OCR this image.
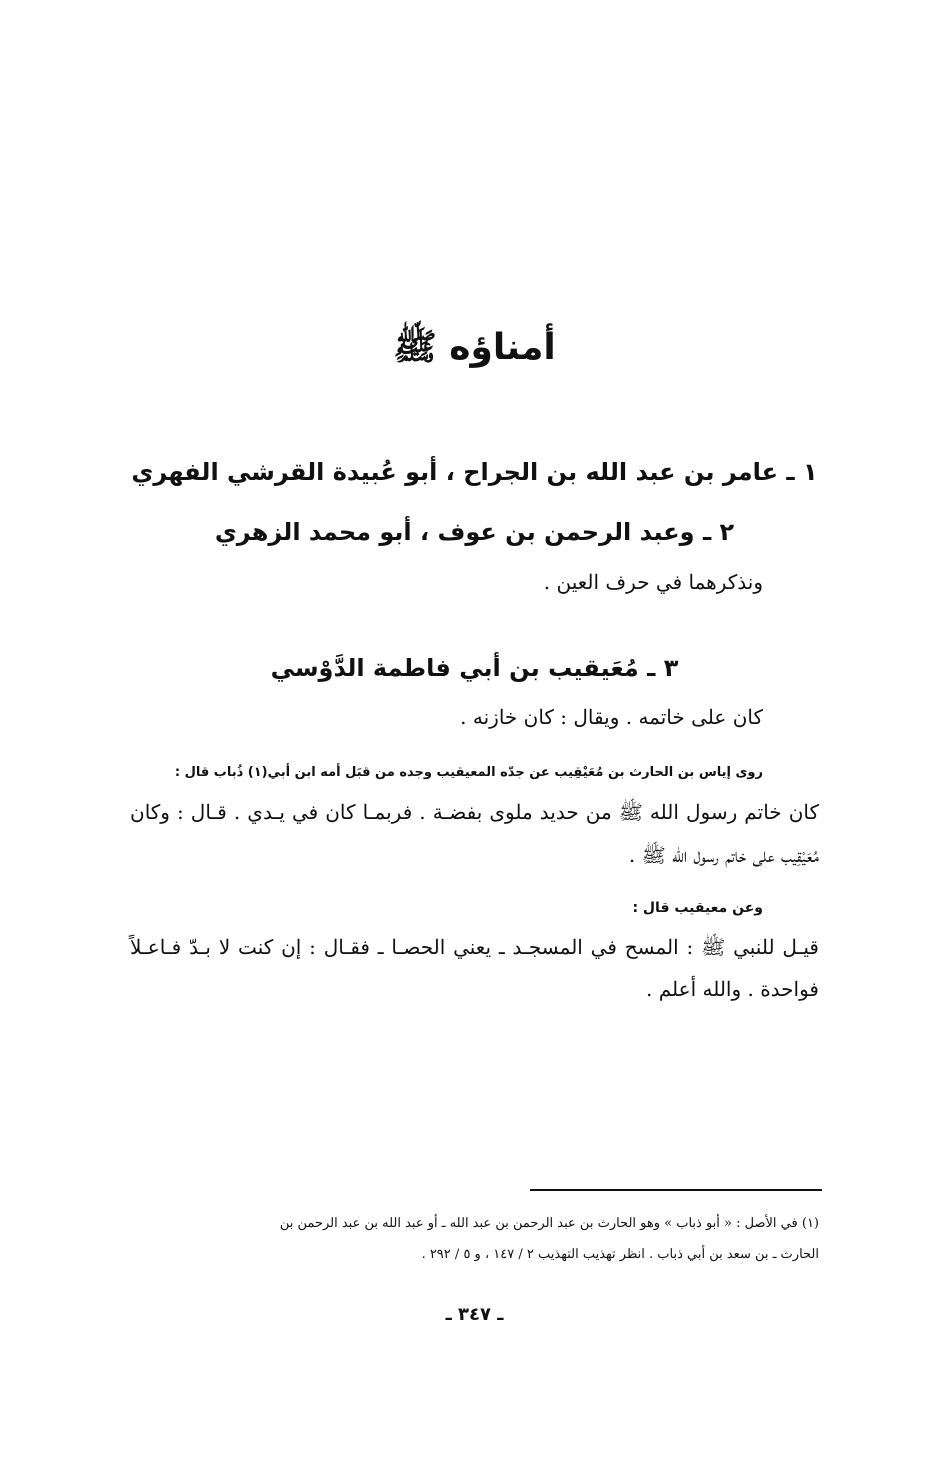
أمناؤه ﷺ
١ ـ عامر بن عبد الله بن الجراح ، أبو عُبيدة القرشي الفهري
٢ ـ وعبد الرحمن بن عوف ، أبو محمد الزهري

ونذكرهما في حرف العين .

٣ ـ مُعَيقيب بن أبي فاطمة الدَّوْسي

كان على خاتمه . ويقال : كان خازنه .

روى إياس بن الحارث بن مُعَيْقِيب عن جدّه المعيقيب وجده من قبَل أمه ابن أبي(١) ذُباب قال :

كان خاتم رسول الله ﷺ من حديد ملوى بفضـة . فربمـا كان في يـدي . قـال : وكان

مُعَيْقِيب على خاتم رسول الله ﷺ .

وعن معيقيب قال :

قيـل للنبي ﷺ : المسح في المسجـد ـ يعني الحصـا ـ فقـال : إن كنت لا بـدّ فـاعـلاً

فواحدة . والله أعلم .

(١) في الأصل : « أبو ذباب » وهو الحارث بن عبد الرحمن بن عبد الله ـ أو عبد الله بن عبد الرحمن بن

الحارث ـ بن سعد بن أبي ذباب . انظر تهذيب التهذيب ٢ / ١٤٧ ، و ٥ / ٢٩٢ .

ـ ٣٤٧ ـ
